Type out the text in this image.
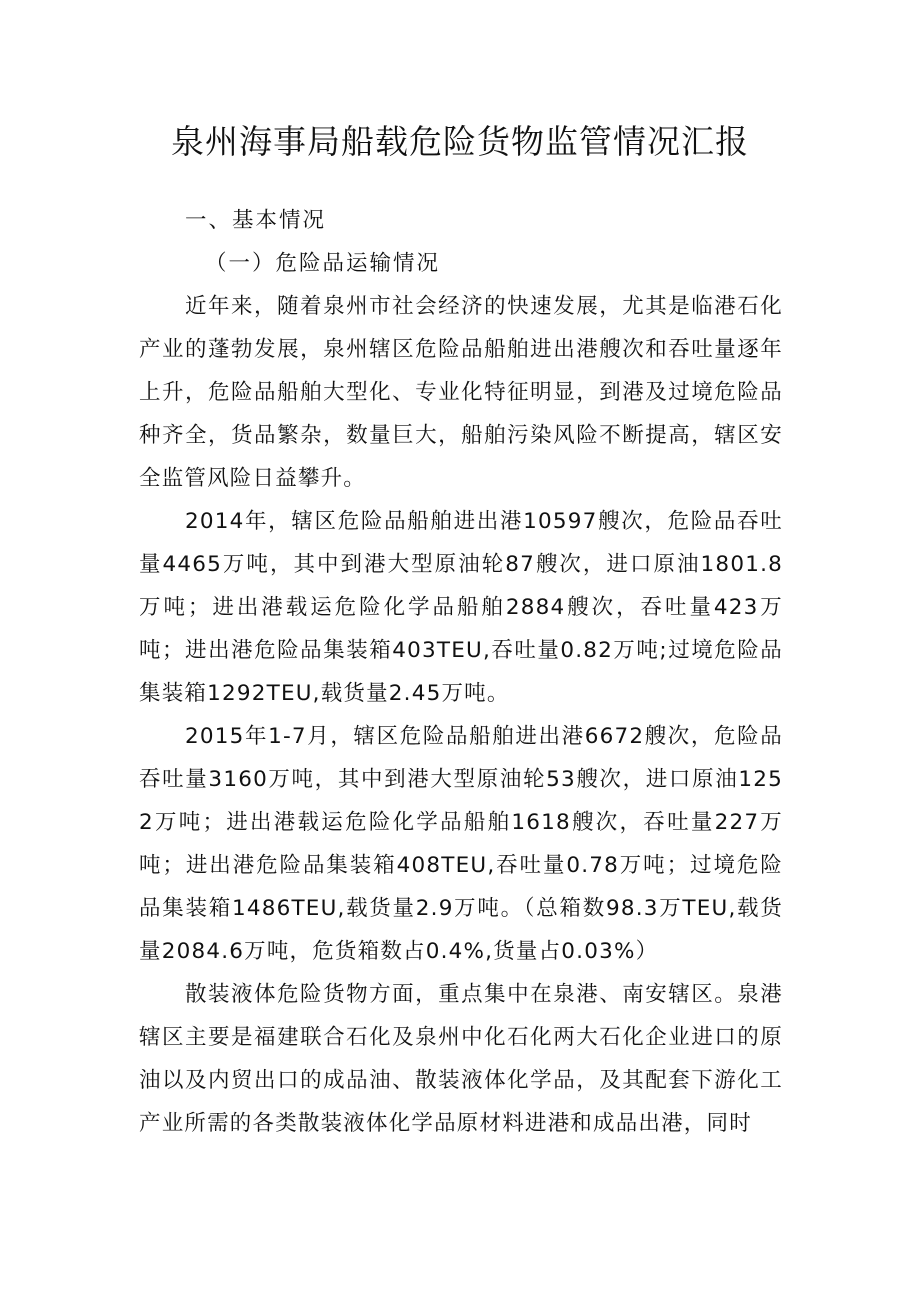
泉州海事局船载危险货物监管情况汇报

一、基本情况

（一）危险品运输情况

近年来，随着泉州市社会经济的快速发展，尤其是临港石化产业的蓬勃发展，泉州辖区危险品船舶进出港艘次和吞吐量逐年上升，危险品船舶大型化、专业化特征明显，到港及过境危险品种齐全，货品繁杂，数量巨大，船舶污染风险不断提高，辖区安全监管风险日益攀升。

2014年，辖区危险品船舶进出港10597艘次，危险品吞吐量4465万吨，其中到港大型原油轮87艘次，进口原油1801.8万吨；进出港载运危险化学品船舶2884艘次，吞吐量423万吨；进出港危险品集装箱403TEU,吞吐量0.82万吨;过境危险品集装箱1292TEU,载货量2.45万吨。

2015年1-7月，辖区危险品船舶进出港6672艘次，危险品吞吐量3160万吨，其中到港大型原油轮53艘次，进口原油1252万吨；进出港载运危险化学品船舶1618艘次，吞吐量227万吨；进出港危险品集装箱408TEU,吞吐量0.78万吨；过境危险品集装箱1486TEU,载货量2.9万吨。（总箱数98.3万TEU,载货量2084.6万吨，危货箱数占0.4%,货量占0.03%）

散装液体危险货物方面，重点集中在泉港、南安辖区。泉港辖区主要是福建联合石化及泉州中化石化两大石化企业进口的原油以及内贸出口的成品油、散装液体化学品，及其配套下游化工产业所需的各类散装液体化学品原材料进港和成品出港，同时
